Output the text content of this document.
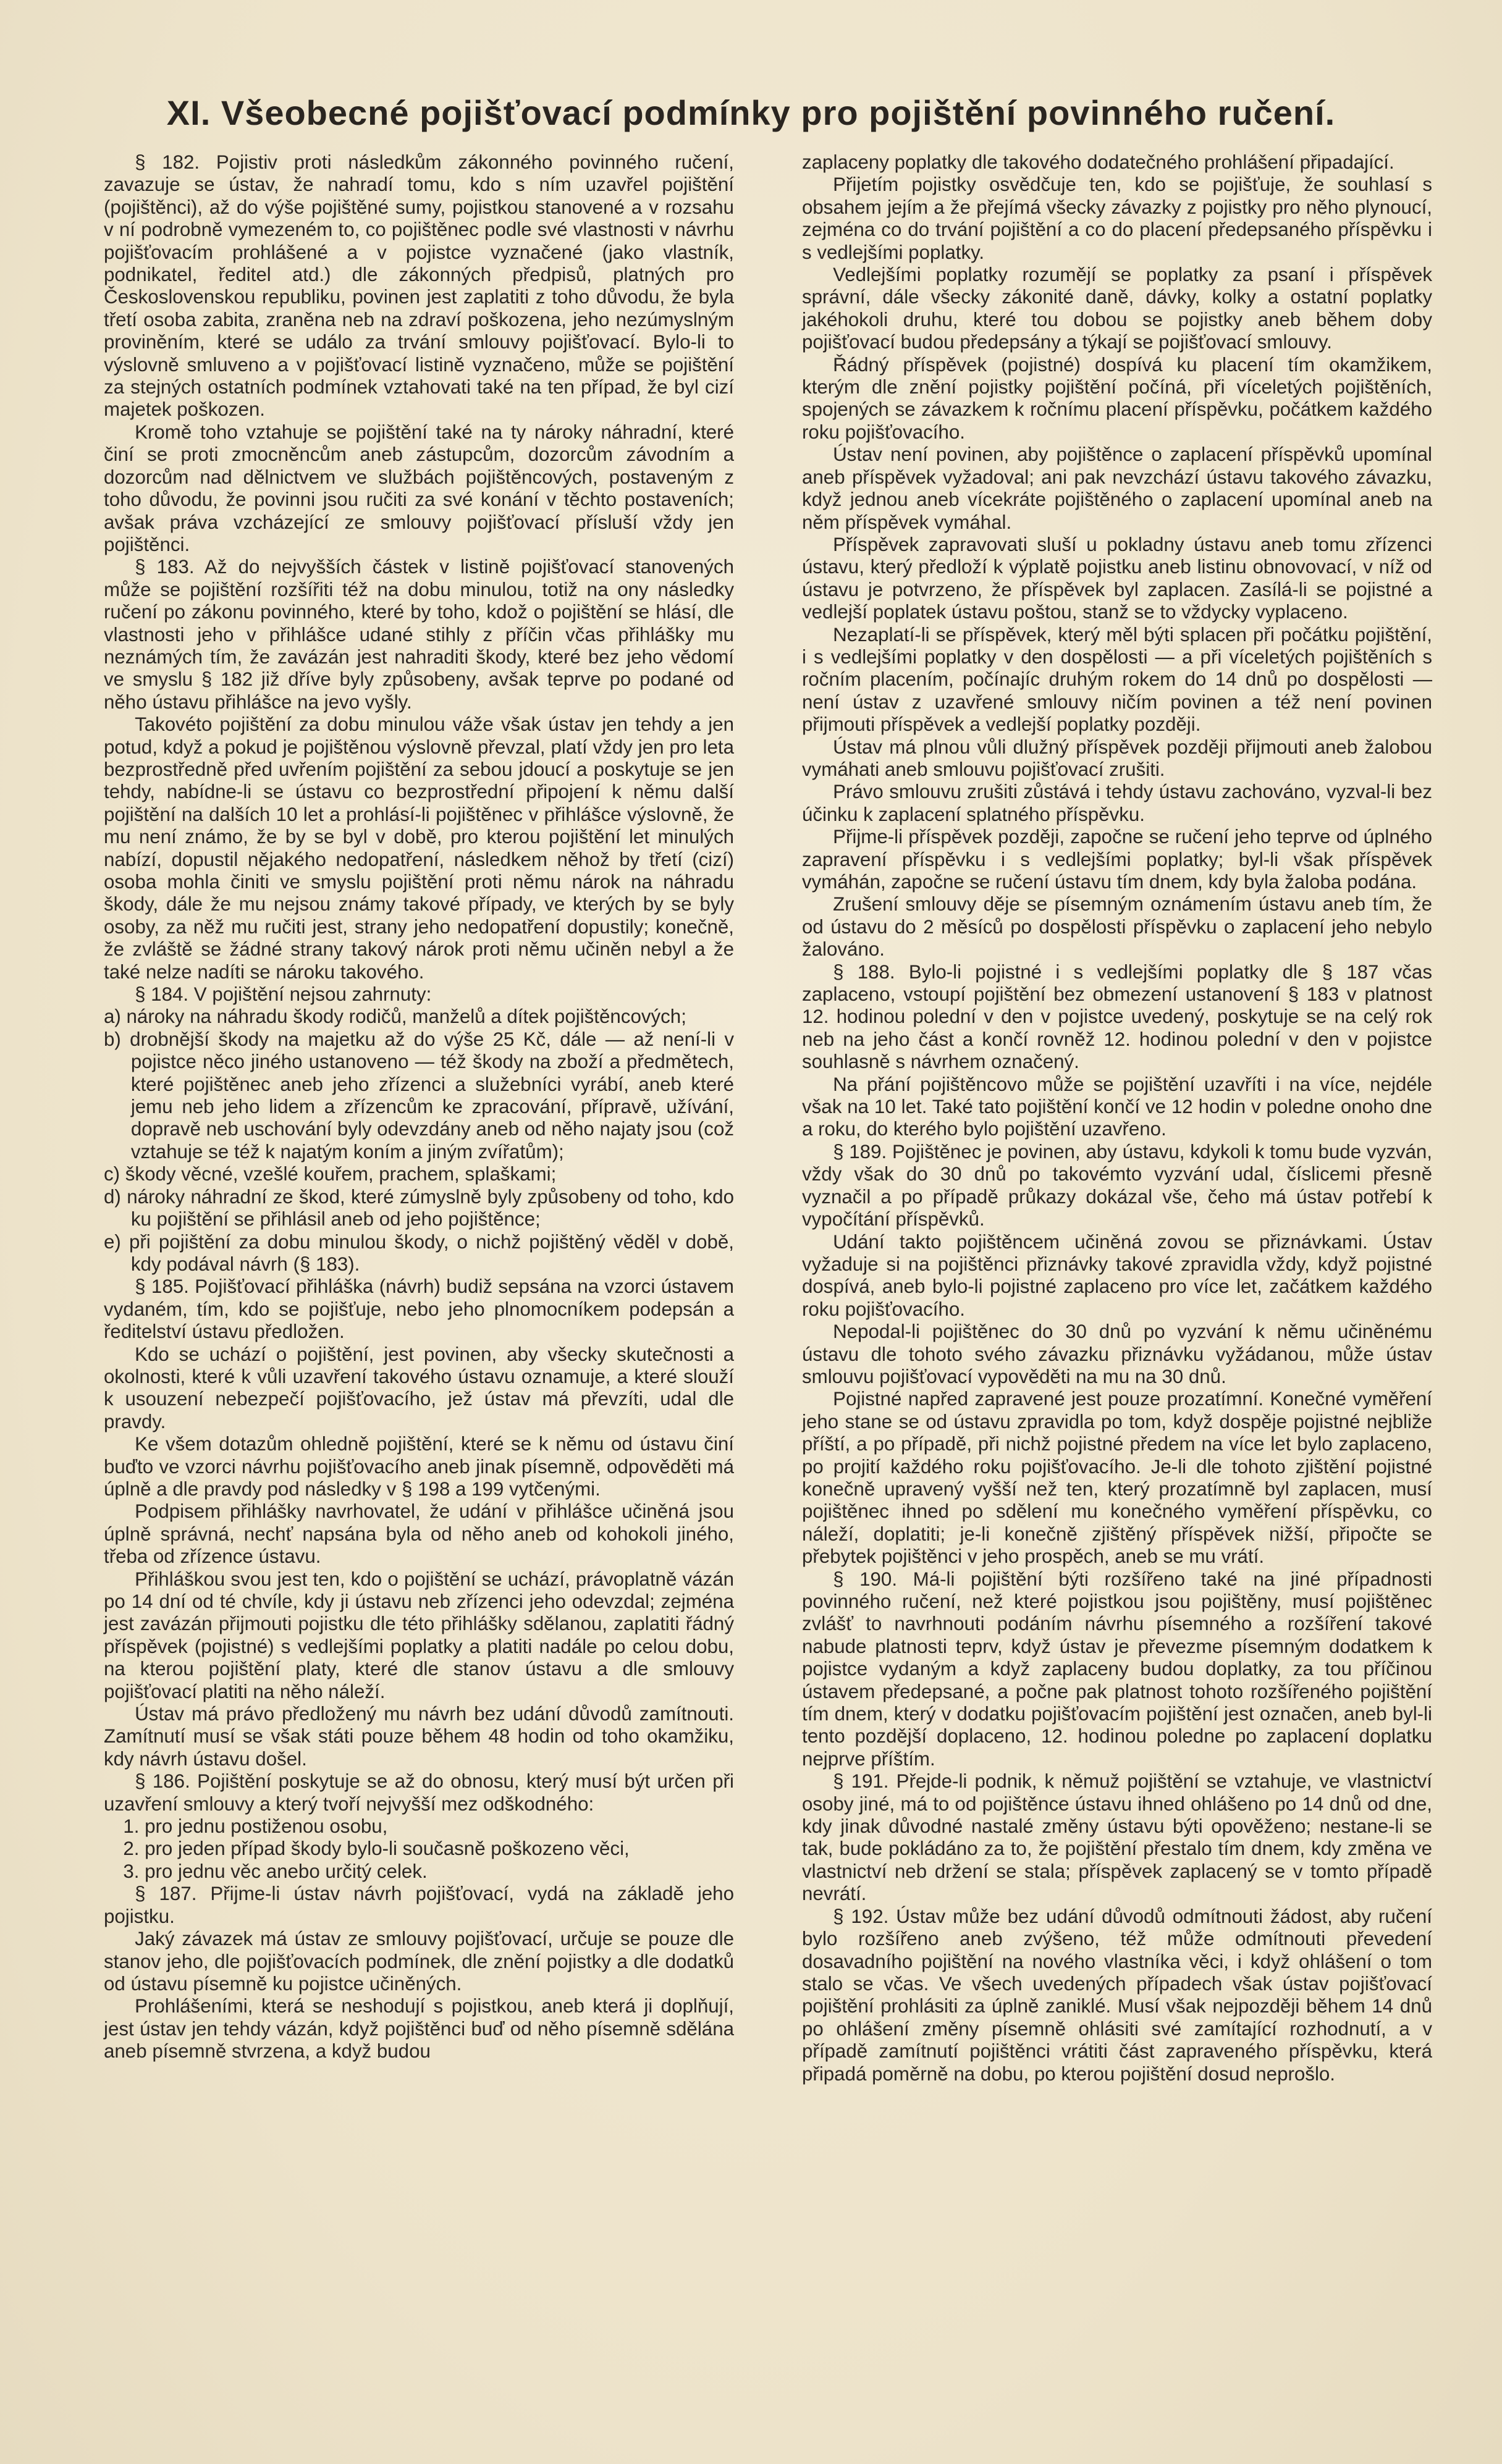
XI. Všeobecné pojišťovací podmínky pro pojištění povinného ručení.

§ 182. Pojistiv proti následkům zákonného povinného ručení, zavazuje se ústav, že nahradí tomu, kdo s ním uzavřel pojištění (pojištěnci), až do výše pojištěné sumy, pojistkou stanovené a v rozsahu v ní podrobně vymezeném to, co pojištěnec podle své vlastnosti v návrhu pojišťovacím prohlášené a v pojistce vyznačené (jako vlastník, podnikatel, ředitel atd.) dle zákonných předpisů, platných pro Československou republiku, povinen jest zaplatiti z toho důvodu, že byla třetí osoba zabita, zraněna neb na zdraví poškozena, jeho nezúmyslným proviněním, které se událo za trvání smlouvy pojišťovací. Bylo-li to výslovně smluveno a v pojišťovací listině vyznačeno, může se pojištění za stejných ostatních podmínek vztahovati také na ten případ, že byl cizí majetek poškozen.

Kromě toho vztahuje se pojištění také na ty nároky náhradní, které činí se proti zmocněncům aneb zástupcům, dozorcům závodním a dozorcům nad dělnictvem ve službách pojištěncových, postaveným z toho důvodu, že povinni jsou ručiti za své konání v těchto postaveních; avšak práva vzcházející ze smlouvy pojišťovací přísluší vždy jen pojištěnci.

§ 183. Až do nejvyšších částek v listině pojišťovací stanovených může se pojištění rozšířiti též na dobu minulou, totiž na ony následky ručení po zákonu povinného, které by toho, kdož o pojištění se hlásí, dle vlastnosti jeho v přihlášce udané stihly z příčin včas přihlášky mu neznámých tím, že zavázán jest nahraditi škody, které bez jeho vědomí ve smyslu § 182 již dříve byly způsobeny, avšak teprve po podané od něho ústavu přihlášce na jevo vyšly.

Takovéto pojištění za dobu minulou váže však ústav jen tehdy a jen potud, když a pokud je pojištěnou výslovně převzal, platí vždy jen pro leta bezprostředně před uvřením pojištění za sebou jdoucí a poskytuje se jen tehdy, nabídne-li se ústavu co bezprostřední připojení k němu další pojištění na dalších 10 let a prohlásí-li pojištěnec v přihlášce výslovně, že mu není známo, že by se byl v době, pro kterou pojištění let minulých nabízí, dopustil nějakého nedopatření, následkem něhož by třetí (cizí) osoba mohla činiti ve smyslu pojištění proti němu nárok na náhradu škody, dále že mu nejsou známy takové případy, ve kterých by se byly osoby, za něž mu ručiti jest, strany jeho nedopatření dopustily; konečně, že zvláště se žádné strany takový nárok proti němu učiněn nebyl a že také nelze nadíti se nároku takového.

§ 184. V pojištění nejsou zahrnuty:

a) nároky na náhradu škody rodičů, manželů a dítek pojištěncových;

b) drobnější škody na majetku až do výše 25 Kč, dále — až není-li v pojistce něco jiného ustanoveno — též škody na zboží a předmětech, které pojištěnec aneb jeho zřízenci a služebníci vyrábí, aneb které jemu neb jeho lidem a zřízencům ke zpracování, přípravě, užívání, dopravě neb uschování byly odevzdány aneb od něho najaty jsou (což vztahuje se též k najatým koním a jiným zvířatům);

c) škody věcné, vzešlé kouřem, prachem, splaškami;

d) nároky náhradní ze škod, které zúmyslně byly způsobeny od toho, kdo ku pojištění se přihlásil aneb od jeho pojištěnce;

e) při pojištění za dobu minulou škody, o nichž pojištěný věděl v době, kdy podával návrh (§ 183).

§ 185. Pojišťovací přihláška (návrh) budiž sepsána na vzorci ústavem vydaném, tím, kdo se pojišťuje, nebo jeho plnomocníkem podepsán a ředitelství ústavu předložen.

Kdo se uchází o pojištění, jest povinen, aby všecky skutečnosti a okolnosti, které k vůli uzavření takového ústavu oznamuje, a které slouží k usouzení nebezpečí pojišťovacího, jež ústav má převzíti, udal dle pravdy.

Ke všem dotazům ohledně pojištění, které se k němu od ústavu činí buďto ve vzorci návrhu pojišťovacího aneb jinak písemně, odpověděti má úplně a dle pravdy pod následky v § 198 a 199 vytčenými.

Podpisem přihlášky navrhovatel, že udání v přihlášce učiněná jsou úplně správná, nechť napsána byla od něho aneb od kohokoli jiného, třeba od zřízence ústavu.

Přihláškou svou jest ten, kdo o pojištění se uchází, právoplatně vázán po 14 dní od té chvíle, kdy ji ústavu neb zřízenci jeho odevzdal; zejména jest zavázán přijmouti pojistku dle této přihlášky sdělanou, zaplatiti řádný příspěvek (pojistné) s vedlejšími poplatky a platiti nadále po celou dobu, na kterou pojištění platy, které dle stanov ústavu a dle smlouvy pojišťovací platiti na něho náleží.

Ústav má právo předložený mu návrh bez udání důvodů zamítnouti. Zamítnutí musí se však státi pouze během 48 hodin od toho okamžiku, kdy návrh ústavu došel.

§ 186. Pojištění poskytuje se až do obnosu, který musí být určen při uzavření smlouvy a který tvoří nejvyšší mez odškodného:

1. pro jednu postiženou osobu,

2. pro jeden případ škody bylo-li současně poškozeno věci,

3. pro jednu věc anebo určitý celek.

§ 187. Přijme-li ústav návrh pojišťovací, vydá na základě jeho pojistku.

Jaký závazek má ústav ze smlouvy pojišťovací, určuje se pouze dle stanov jeho, dle pojišťovacích podmínek, dle znění pojistky a dle dodatků od ústavu písemně ku pojistce učiněných.

Prohlášeními, která se neshodují s pojistkou, aneb která ji doplňují, jest ústav jen tehdy vázán, když pojištěnci buď od něho písemně sdělána aneb písemně stvrzena, a když budou

zaplaceny poplatky dle takového dodatečného prohlášení připadající.

Přijetím pojistky osvědčuje ten, kdo se pojišťuje, že souhlasí s obsahem jejím a že přejímá všecky závazky z pojistky pro něho plynoucí, zejména co do trvání pojištění a co do placení předepsaného příspěvku i s vedlejšími poplatky.

Vedlejšími poplatky rozumějí se poplatky za psaní i příspěvek správní, dále všecky zákonité daně, dávky, kolky a ostatní poplatky jakéhokoli druhu, které tou dobou se pojistky aneb během doby pojišťovací budou předepsány a týkají se pojišťovací smlouvy.

Řádný příspěvek (pojistné) dospívá ku placení tím okamžikem, kterým dle znění pojistky pojištění počíná, při víceletých pojištěních, spojených se závazkem k ročnímu placení příspěvku, počátkem každého roku pojišťovacího.

Ústav není povinen, aby pojištěnce o zaplacení příspěvků upomínal aneb příspěvek vyžadoval; ani pak nevzchází ústavu takového závazku, když jednou aneb vícekráte pojištěného o zaplacení upomínal aneb na něm příspěvek vymáhal.

Příspěvek zapravovati sluší u pokladny ústavu aneb tomu zřízenci ústavu, který předloží k výplatě pojistku aneb listinu obnovovací, v níž od ústavu je potvrzeno, že příspěvek byl zaplacen. Zasílá-li se pojistné a vedlejší poplatek ústavu poštou, stanž se to vždycky vyplaceno.

Nezaplatí-li se příspěvek, který měl býti splacen při počátku pojištění, i s vedlejšími poplatky v den dospělosti — a při víceletých pojištěních s ročním placením, počínajíc druhým rokem do 14 dnů po dospělosti — není ústav z uzavřené smlouvy ničím povinen a též není povinen přijmouti příspěvek a vedlejší poplatky později.

Ústav má plnou vůli dlužný příspěvek později přijmouti aneb žalobou vymáhati aneb smlouvu pojišťovací zrušiti.

Právo smlouvu zrušiti zůstává i tehdy ústavu zachováno, vyzval-li bez účinku k zaplacení splatného příspěvku.

Přijme-li příspěvek později, započne se ručení jeho teprve od úplného zapravení příspěvku i s vedlejšími poplatky; byl-li však příspěvek vymáhán, započne se ručení ústavu tím dnem, kdy byla žaloba podána.

Zrušení smlouvy děje se písemným oznámením ústavu aneb tím, že od ústavu do 2 měsíců po dospělosti příspěvku o zaplacení jeho nebylo žalováno.

§ 188. Bylo-li pojistné i s vedlejšími poplatky dle § 187 včas zaplaceno, vstoupí pojištění bez obmezení ustanovení § 183 v platnost 12. hodinou polední v den v pojistce uvedený, poskytuje se na celý rok neb na jeho část a končí rovněž 12. hodinou polední v den v pojistce souhlasně s návrhem označený.

Na přání pojištěncovo může se pojištění uzavříti i na více, nejdéle však na 10 let. Také tato pojištění končí ve 12 hodin v poledne onoho dne a roku, do kterého bylo pojištění uzavřeno.

§ 189. Pojištěnec je povinen, aby ústavu, kdykoli k tomu bude vyzván, vždy však do 30 dnů po takovémto vyzvání udal, číslicemi přesně vyznačil a po případě průkazy dokázal vše, čeho má ústav potřebí k vypočítání příspěvků.

Udání takto pojištěncem učiněná zovou se přiznávkami. Ústav vyžaduje si na pojištěnci přiznávky takové zpravidla vždy, když pojistné dospívá, aneb bylo-li pojistné zaplaceno pro více let, začátkem každého roku pojišťovacího.

Nepodal-li pojištěnec do 30 dnů po vyzvání k němu učiněnému ústavu dle tohoto svého závazku přiznávku vyžádanou, může ústav smlouvu pojišťovací vypověděti na mu na 30 dnů.

Pojistné napřed zapravené jest pouze prozatímní. Konečné vyměření jeho stane se od ústavu zpravidla po tom, když dospěje pojistné nejbliže příští, a po případě, při nichž pojistné předem na více let bylo zaplaceno, po projití každého roku pojišťovacího. Je-li dle tohoto zjištění pojistné konečně upravený vyšší než ten, který prozatímně byl zaplacen, musí pojištěnec ihned po sdělení mu konečného vyměření příspěvku, co náleží, doplatiti; je-li konečně zjištěný příspěvek nižší, připočte se přebytek pojištěnci v jeho prospěch, aneb se mu vrátí.

§ 190. Má-li pojištění býti rozšířeno také na jiné případnosti povinného ručení, než které pojistkou jsou pojištěny, musí pojištěnec zvlášť to navrhnouti podáním návrhu písemného a rozšíření takové nabude platnosti teprv, když ústav je převezme písemným dodatkem k pojistce vydaným a když zaplaceny budou doplatky, za tou příčinou ústavem předepsané, a počne pak platnost tohoto rozšířeného pojištění tím dnem, který v dodatku pojišťovacím pojištění jest označen, aneb byl-li tento pozdější doplaceno, 12. hodinou poledne po zaplacení doplatku nejprve příštím.

§ 191. Přejde-li podnik, k němuž pojištění se vztahuje, ve vlastnictví osoby jiné, má to od pojištěnce ústavu ihned ohlášeno po 14 dnů od dne, kdy jinak důvodné nastalé změny ústavu býti opověženo; nestane-li se tak, bude pokládáno za to, že pojištění přestalo tím dnem, kdy změna ve vlastnictví neb držení se stala; příspěvek zaplacený se v tomto případě nevrátí.

§ 192. Ústav může bez udání důvodů odmítnouti žádost, aby ručení bylo rozšířeno aneb zvýšeno, též může odmítnouti převedení dosavadního pojištění na nového vlastníka věci, i když ohlášení o tom stalo se včas. Ve všech uvedených případech však ústav pojišťovací pojištění prohlásiti za úplně zaniklé. Musí však nejpozději během 14 dnů po ohlášení změny písemně ohlásiti své zamítající rozhodnutí, a v případě zamítnutí pojištěnci vrátiti část zapraveného příspěvku, která připadá poměrně na dobu, po kterou pojištění dosud neprošlo.
